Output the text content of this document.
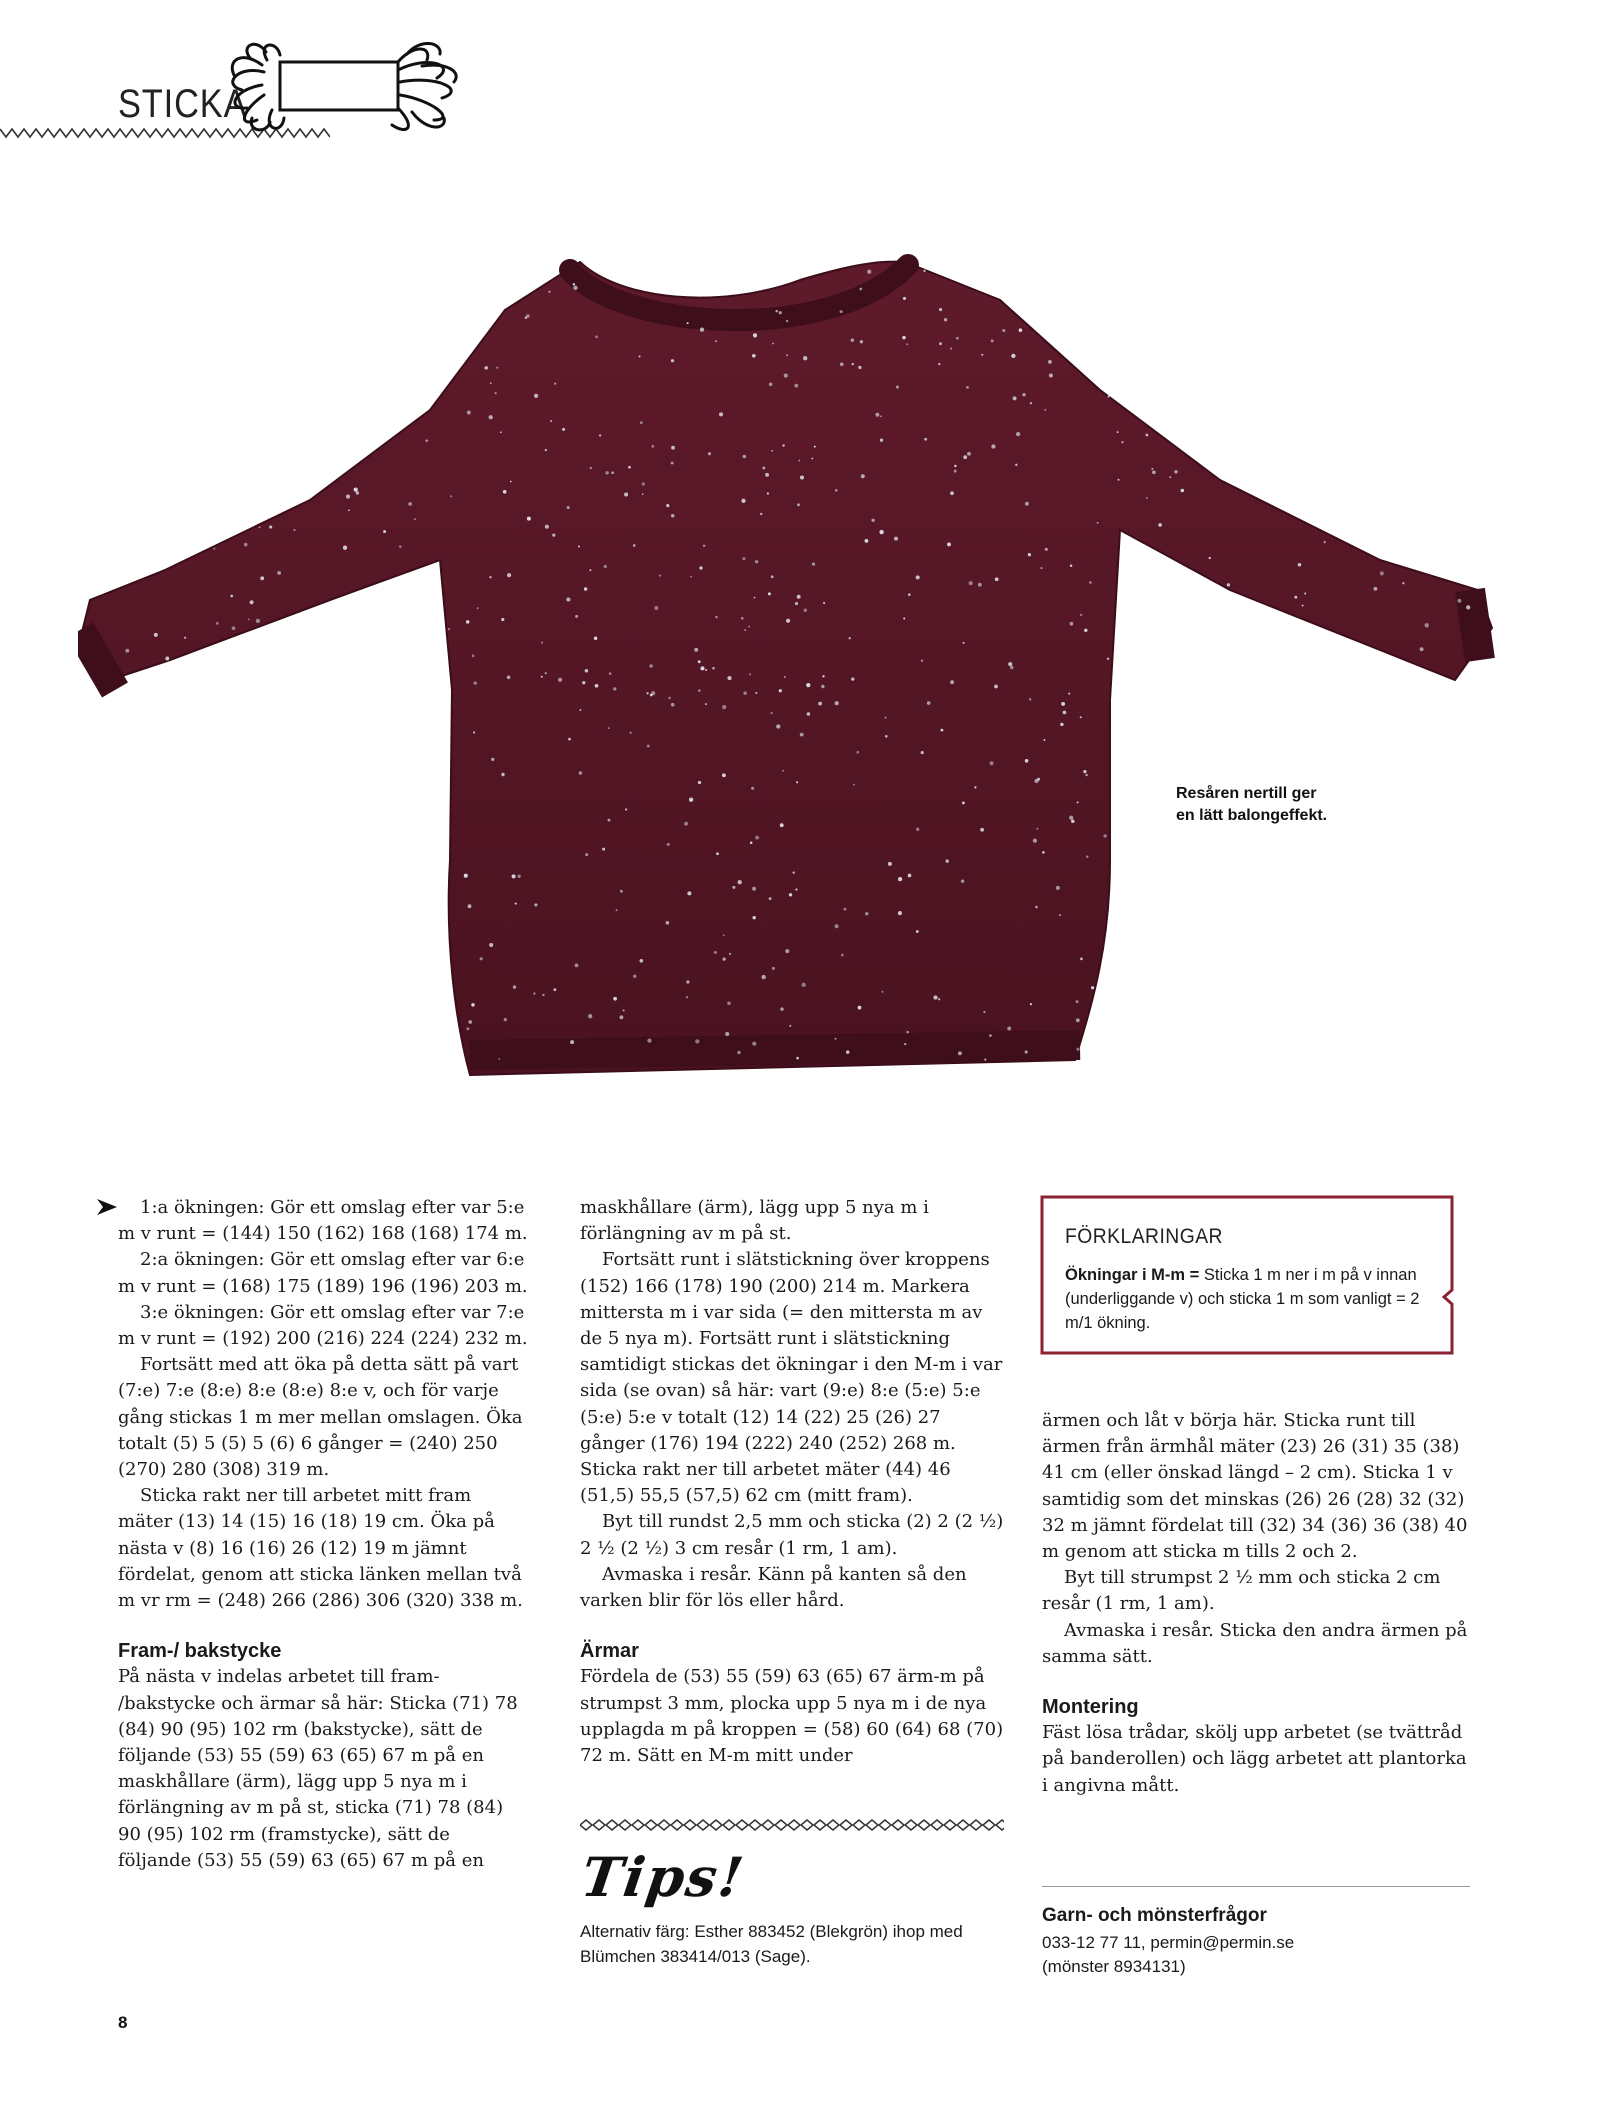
STICKA
Resåren nertill ger
en lätt balongeffekt.

1:a ökningen: Gör ett omslag efter var 5:e m v runt = (144) 150 (162) 168 (168) 174 m.

2:a ökningen: Gör ett omslag efter var 6:e m v runt = (168) 175 (189) 196 (196) 203 m.

3:e ökningen: Gör ett omslag efter var 7:e m v runt = (192) 200 (216) 224 (224) 232 m.

Fortsätt med att öka på detta sätt på vart (7:e) 7:e (8:e) 8:e (8:e) 8:e v, och för varje gång stickas 1 m mer mellan omslagen. Öka totalt (5) 5 (5) 5 (6) 6 gånger = (240) 250 (270) 280 (308) 319 m.

Sticka rakt ner till arbetet mitt fram mäter (13) 14 (15) 16 (18) 19 cm. Öka på nästa v (8) 16 (16) 26 (12) 19 m jämnt fördelat, genom att sticka länken mellan två m vr rm = (248) 266 (286) 306 (320) 338 m.

Fram-/ bakstycke

På nästa v indelas arbetet till fram- /bakstycke och ärmar så här: Sticka (71) 78 (84) 90 (95) 102 rm (bakstycke), sätt de följande (53) 55 (59) 63 (65) 67 m på en maskhållare (ärm), lägg upp 5 nya m i förlängning av m på st, sticka (71) 78 (84) 90 (95) 102 rm (framstycke), sätt de följande (53) 55 (59) 63 (65) 67 m på en

maskhållare (ärm), lägg upp 5 nya m i förlängning av m på st.

Fortsätt runt i slätstickning över kroppens (152) 166 (178) 190 (200) 214 m. Markera mittersta m i var sida (= den mittersta m av de 5 nya m). Fortsätt runt i slätstickning samtidigt stickas det ökningar i den M-m i var sida (se ovan) så här: vart (9:e) 8:e (5:e) 5:e (5:e) 5:e v totalt (12) 14 (22) 25 (26) 27 gånger (176) 194 (222) 240 (252) 268 m. Sticka rakt ner till arbetet mäter (44) 46 (51,5) 55,5 (57,5) 62 cm (mitt fram).

Byt till rundst 2,5 mm och sticka (2) 2 (2 ½) 2 ½ (2 ½) 3 cm resår (1 rm, 1 am).

Avmaska i resår. Känn på kanten så den varken blir för lös eller hård.

Ärmar

Fördela de (53) 55 (59) 63 (65) 67 ärm-m på strumpst 3 mm, plocka upp 5 nya m i de nya upplagda m på kroppen = (58) 60 (64) 68 (70) 72 m. Sätt en M-m mitt under

FÖRKLARINGAR
Ökningar i M-m = Sticka 1 m ner i m på v innan (underliggande v) och sticka 1 m som vanligt = 2 m/1 ökning.

ärmen och låt v börja här. Sticka runt till ärmen från ärmhål mäter (23) 26 (31) 35 (38) 41 cm (eller önskad längd – 2 cm). Sticka 1 v samtidig som det minskas (26) 26 (28) 32 (32) 32 m jämnt fördelat till (32) 34 (36) 36 (38) 40 m genom att sticka m tills 2 och 2.

Byt till strumpst 2 ½ mm och sticka 2 cm resår (1 rm, 1 am).

Avmaska i resår. Sticka den andra ärmen på samma sätt.

Montering

Fäst lösa trådar, skölj upp arbetet (se tvättråd på banderollen) och lägg arbetet att plantorka i angivna mått.

Tips!
Alternativ färg: Esther 883452 (Blekgrön) ihop med Blümchen 383414/013 (Sage).
Garn- och mönsterfrågor
033-12 77 11, permin@permin.se
(mönster 8934131)
8
